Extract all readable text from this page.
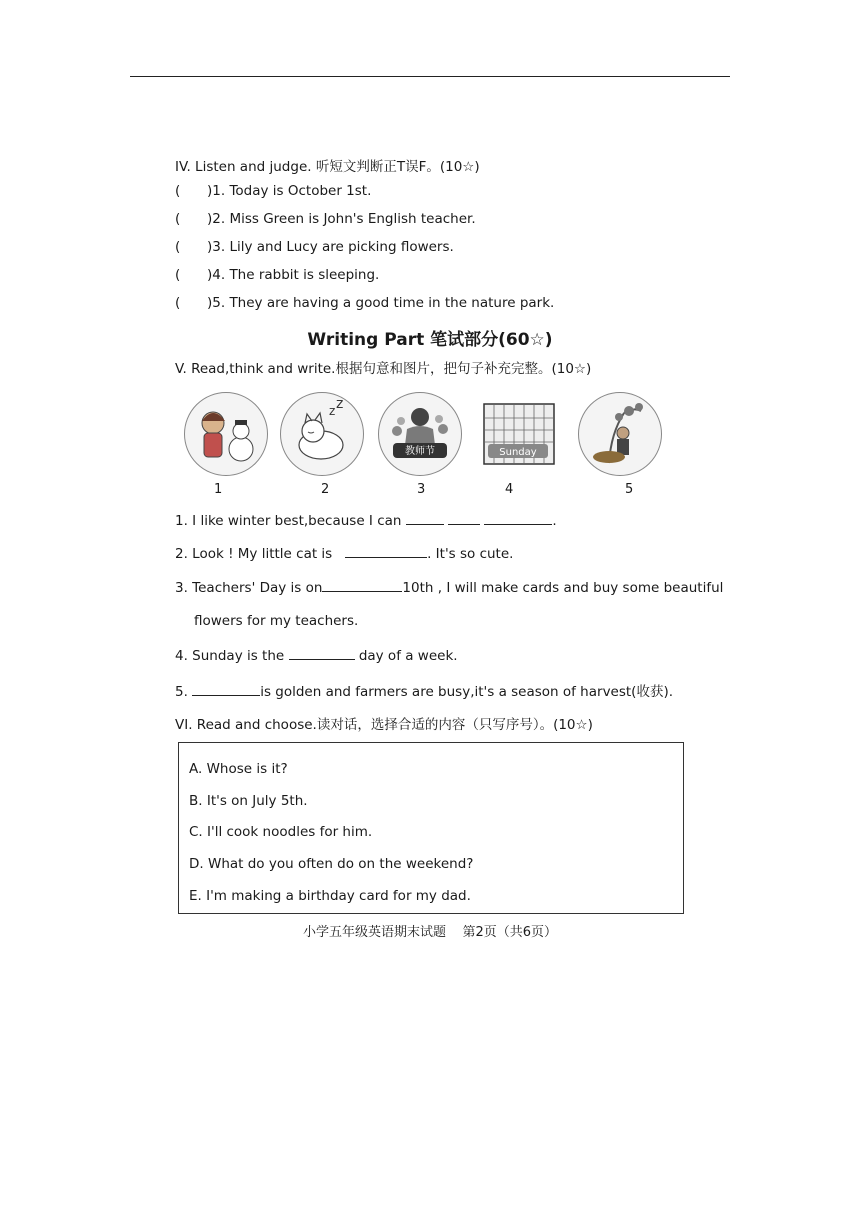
IV. Listen and judge. 听短文判断正T误F。(10☆)
( )1. Today is October 1st.
( )2. Miss Green is John's English teacher.
( )3. Lily and Lucy are picking flowers.
( )4. The rabbit is sleeping.
( )5. They are having a good time in the nature park.
Writing Part 笔试部分(60☆)
V. Read,think and write.根据句意和图片，把句子补充完整。(10☆)
z z
教师节	Sunday
1	2	3	4	5
1. I like winter best,because I can	.
2. Look ! My little cat is	. It's so cute.
3. Teachers' Day is on	10th , I will make cards and buy some beautiful
flowers for my teachers.
4. Sunday is the	day of a week.
5.	is golden and farmers are busy,it's a season of harvest(收获).
VI. Read and choose.读对话，选择合适的内容（只写序号）。(10☆)
A. Whose is it?
B. It's on July 5th.
C. I'll cook noodles for him.
D. What do you often do on the weekend?
E. I'm making a birthday card for my dad.
小学五年级英语期末试题    第2页（共6页）
